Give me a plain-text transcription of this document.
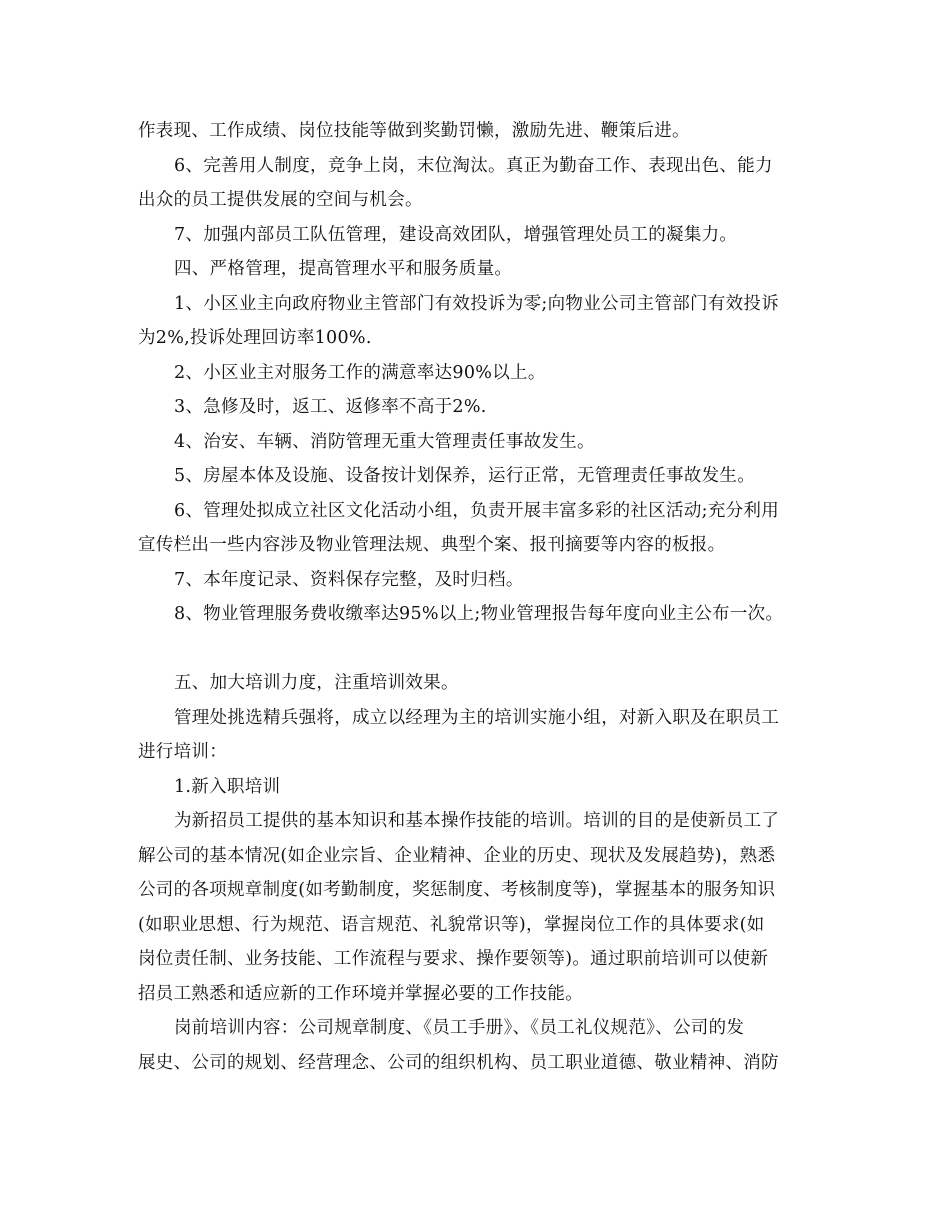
作表现、工作成绩、岗位技能等做到奖勤罚懒，激励先进、鞭策后进。
6、完善用人制度，竞争上岗，末位淘汰。真正为勤奋工作、表现出色、能力
出众的员工提供发展的空间与机会。
7、加强内部员工队伍管理，建设高效团队，增强管理处员工的凝集力。
四、严格管理，提高管理水平和服务质量。
1、小区业主向政府物业主管部门有效投诉为零;向物业公司主管部门有效投诉
为2%,投诉处理回访率100%.
2、小区业主对服务工作的满意率达90%以上。
3、急修及时，返工、返修率不高于2%.
4、治安、车辆、消防管理无重大管理责任事故发生。
5、房屋本体及设施、设备按计划保养，运行正常，无管理责任事故发生。
6、管理处拟成立社区文化活动小组，负责开展丰富多彩的社区活动;充分利用
宣传栏出一些内容涉及物业管理法规、典型个案、报刊摘要等内容的板报。
7、本年度记录、资料保存完整，及时归档。
8、物业管理服务费收缴率达95%以上;物业管理报告每年度向业主公布一次。
五、加大培训力度，注重培训效果。
管理处挑选精兵强将，成立以经理为主的培训实施小组，对新入职及在职员工
进行培训：
1.新入职培训
为新招员工提供的基本知识和基本操作技能的培训。培训的目的是使新员工了
解公司的基本情况(如企业宗旨、企业精神、企业的历史、现状及发展趋势)，熟悉
公司的各项规章制度(如考勤制度，奖惩制度、考核制度等)，掌握基本的服务知识
(如职业思想、行为规范、语言规范、礼貌常识等)，掌握岗位工作的具体要求(如
岗位责任制、业务技能、工作流程与要求、操作要领等)。通过职前培训可以使新
招员工熟悉和适应新的工作环境并掌握必要的工作技能。
岗前培训内容：公司规章制度、《员工手册》、《员工礼仪规范》、公司的发
展史、公司的规划、经营理念、公司的组织机构、员工职业道德、敬业精神、消防
